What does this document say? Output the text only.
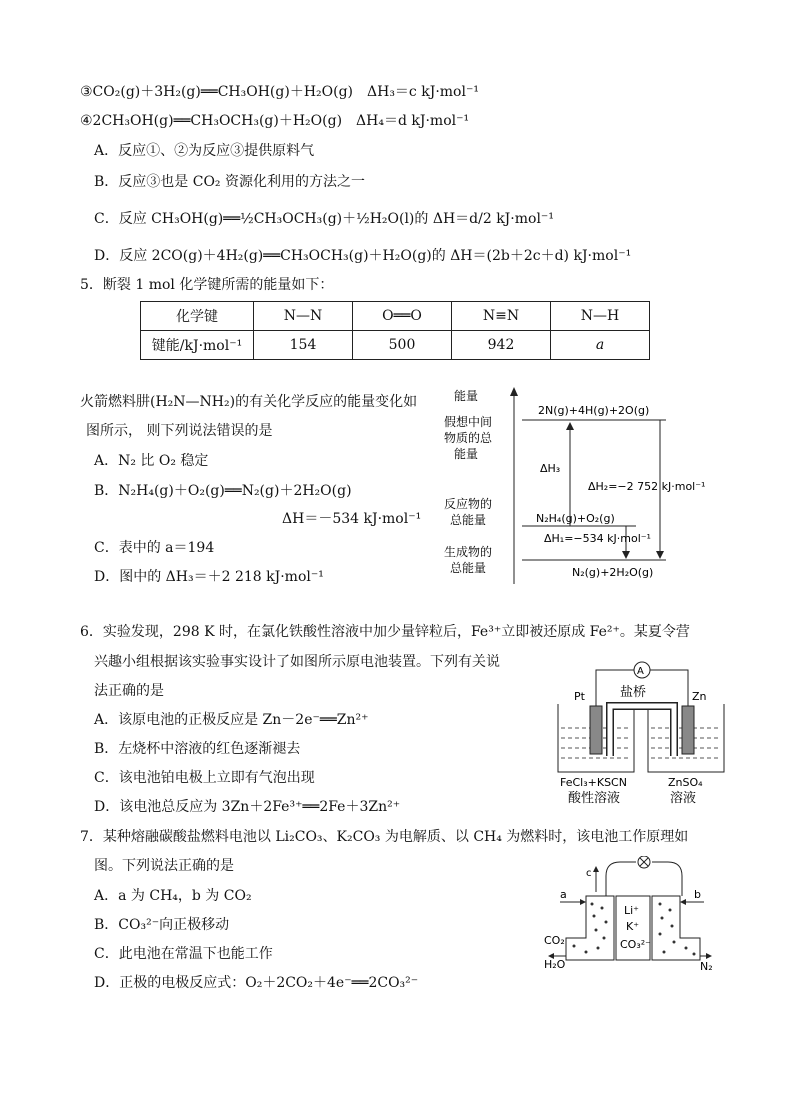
③CO₂(g)＋3H₂(g)══CH₃OH(g)＋H₂O(g)　ΔH₃＝c kJ·mol⁻¹
④2CH₃OH(g)══CH₃OCH₃(g)＋H₂O(g)　ΔH₄＝d kJ·mol⁻¹
A．反应①、②为反应③提供原料气
B．反应③也是 CO₂ 资源化利用的方法之一
C．反应 CH₃OH(g)══½CH₃OCH₃(g)＋½H₂O(l)的 ΔH＝d/2 kJ·mol⁻¹
D．反应 2CO(g)＋4H₂(g)══CH₃OCH₃(g)＋H₂O(g)的 ΔH＝(2b＋2c＋d) kJ·mol⁻¹
5．断裂 1 mol 化学键所需的能量如下：
化学键	N—N	O══O	N≡N	N—H
键能/kJ·mol⁻¹	154	500	942	a
火箭燃料肼(H₂N—NH₂)的有关化学反应的能量变化如
图所示， 则下列说法错误的是
A．N₂ 比 O₂ 稳定
B．N₂H₄(g)＋O₂(g)══N₂(g)＋2H₂O(g)
ΔH＝－534 kJ·mol⁻¹
C．表中的 a＝194
D．图中的 ΔH₃＝＋2 218 kJ·mol⁻¹
能量
假想中间
物质的总
能量
反应物的
总能量
生成物的
总能量
2N(g)+4H(g)+2O(g)
N₂H₄(g)+O₂(g)
N₂(g)+2H₂O(g)
ΔH₃
ΔH₂=−2 752 kJ·mol⁻¹
ΔH₁=−534 kJ·mol⁻¹
6．实验发现，298 K 时，在氯化铁酸性溶液中加少量锌粒后，Fe³⁺立即被还原成 Fe²⁺。某夏令营
兴趣小组根据该实验事实设计了如图所示原电池装置。下列有关说
法正确的是
A．该原电池的正极反应是 Zn－2e⁻══Zn²⁺
B．左烧杯中溶液的红色逐渐褪去
C．该电池铂电极上立即有气泡出现
D．该电池总反应为 3Zn＋2Fe³⁺══2Fe＋3Zn²⁺
A
盐桥
Pt	Zn
FeCl₃+KSCN
酸性溶液
ZnSO₄
溶液
7．某种熔融碳酸盐燃料电池以 Li₂CO₃、K₂CO₃ 为电解质、以 CH₄ 为燃料时，该电池工作原理如
图。下列说法正确的是
A．a 为 CH₄，b 为 CO₂
B．CO₃²⁻向正极移动
C．此电池在常温下也能工作
D．正极的电极反应式：O₂＋2CO₂＋4e⁻══2CO₃²⁻
c
Li⁺
K⁺
CO₃²⁻
a	b
CO₂
H₂O	N₂
